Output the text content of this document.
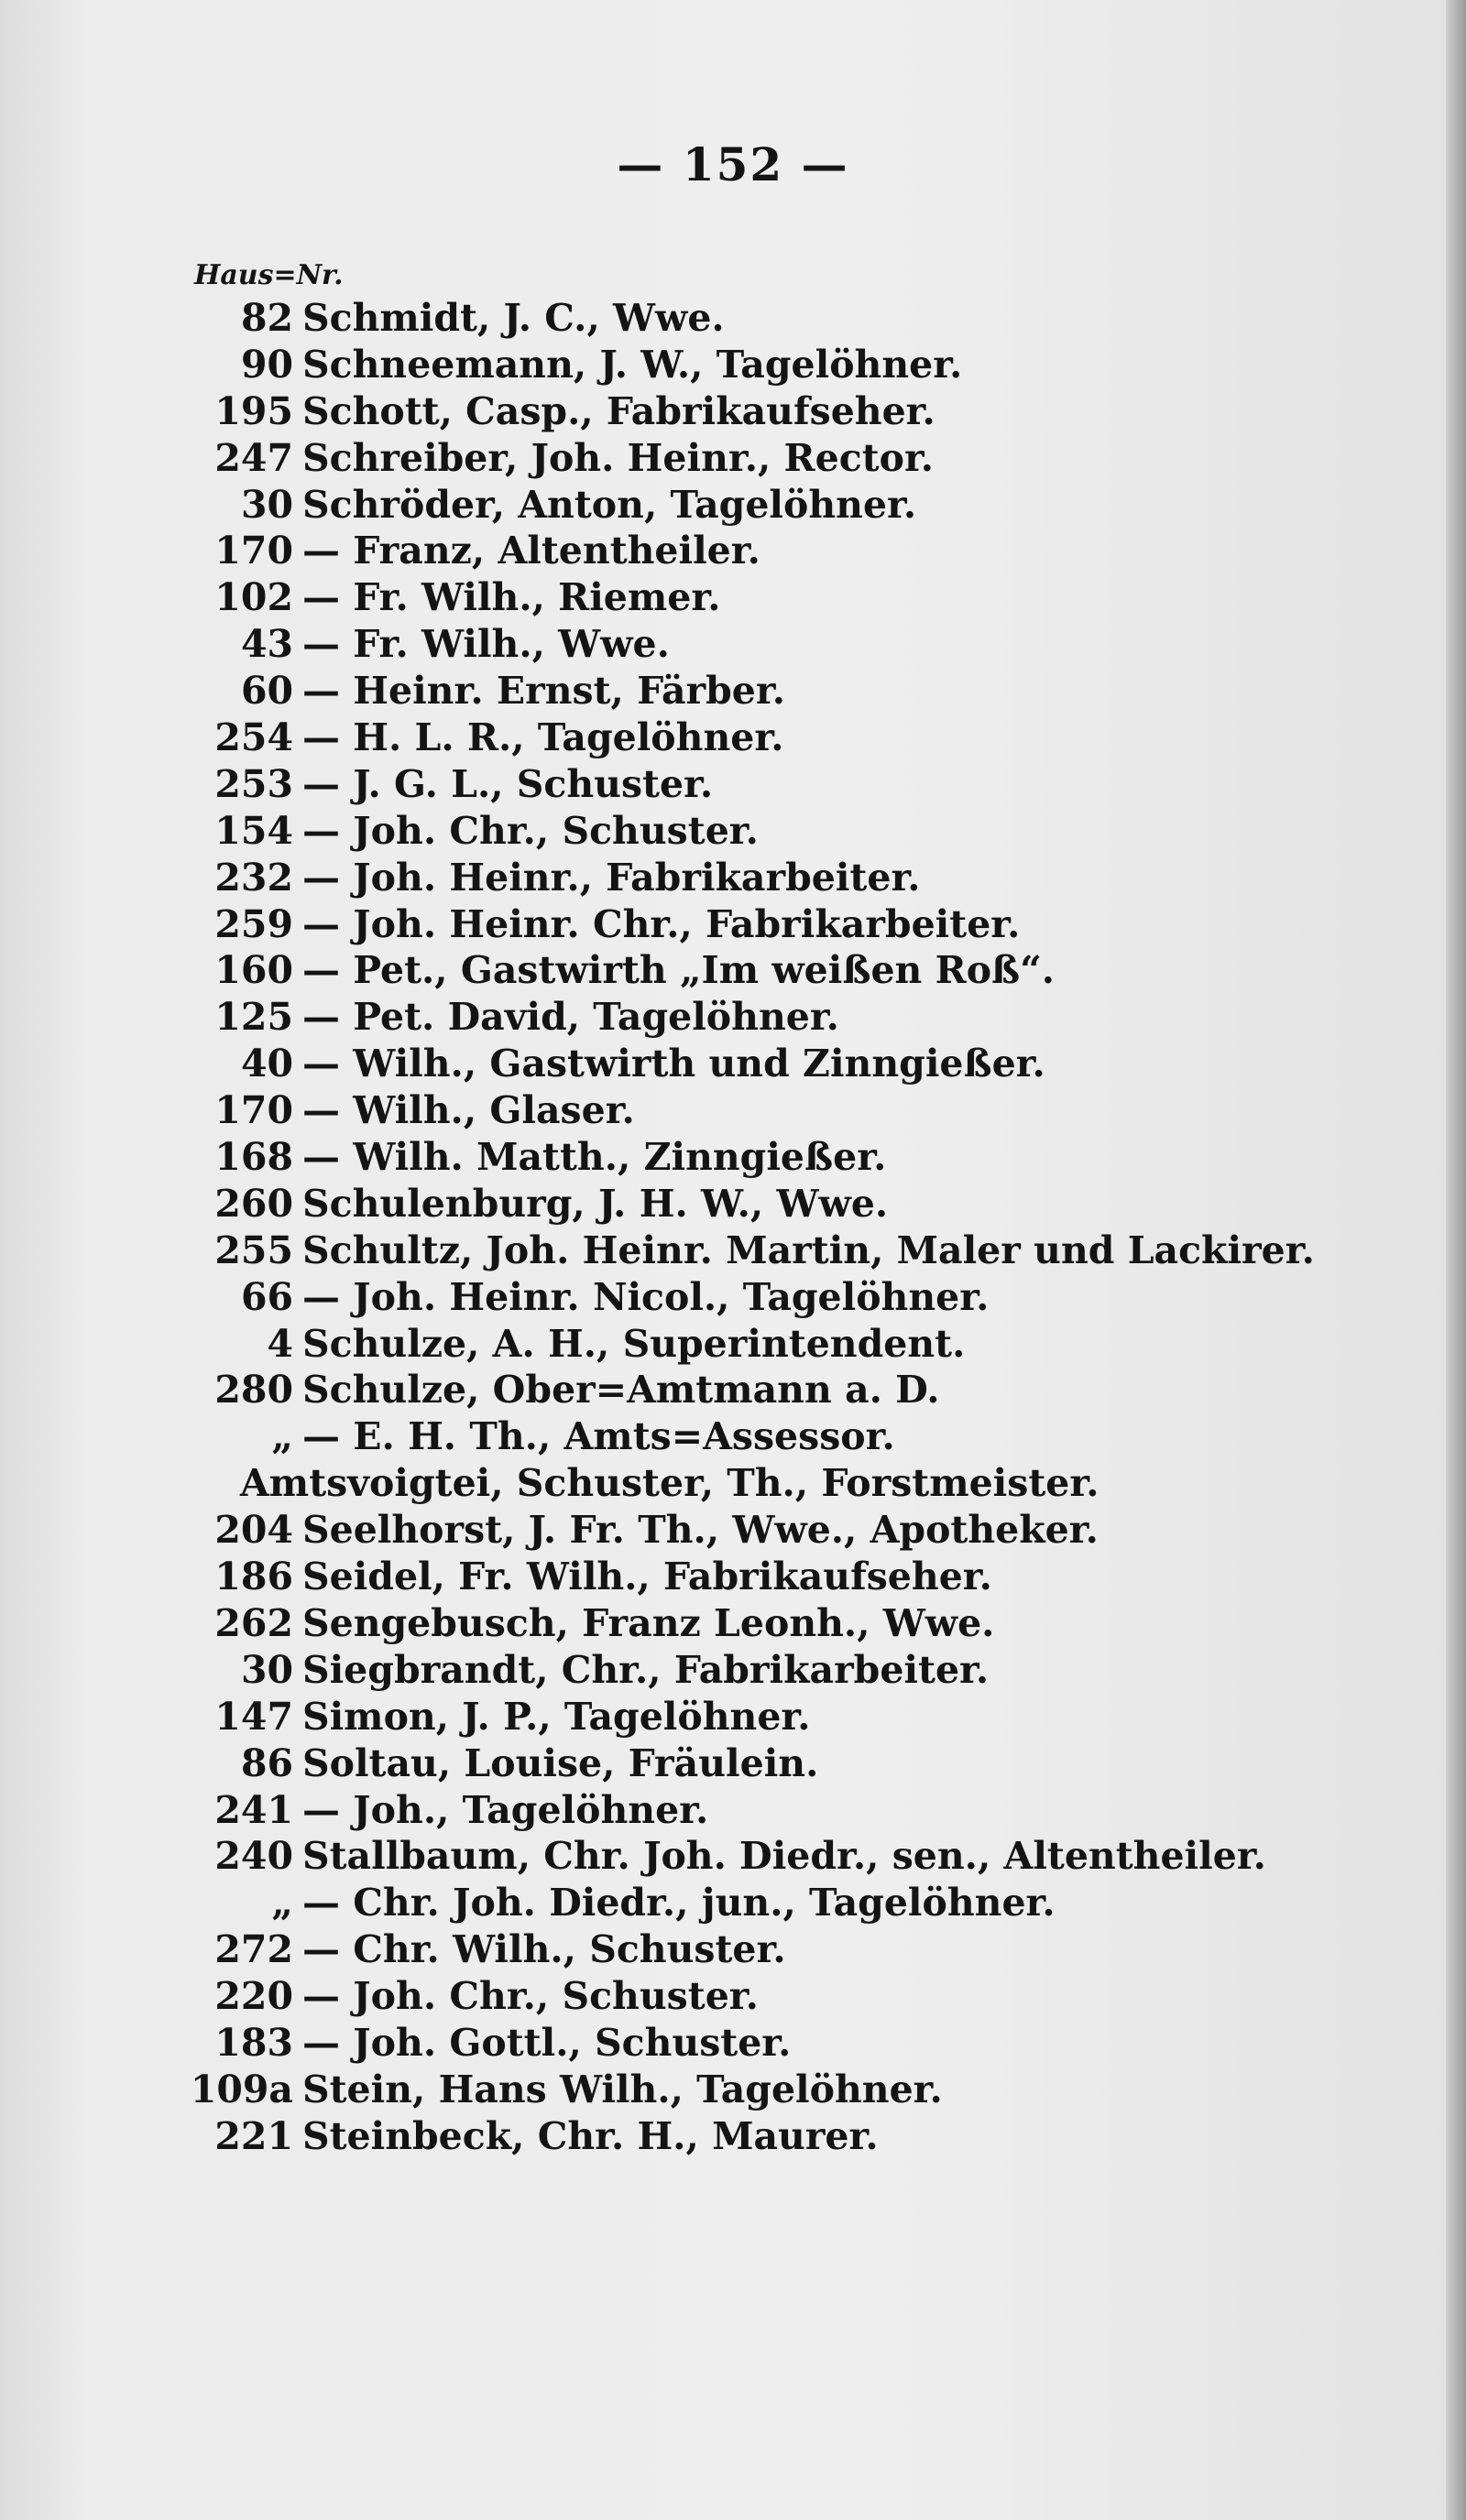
— 152 —
Haus=Nr.
82 Schmidt, J. C., Wwe.
90 Schneemann, J. W., Tagelöhner.
195 Schott, Casp., Fabrikaufseher.
247 Schreiber, Joh. Heinr., Rector.
30 Schröder, Anton, Tagelöhner.
170 — Franz, Altentheiler.
102 — Fr. Wilh., Riemer.
43 — Fr. Wilh., Wwe.
60 — Heinr. Ernst, Färber.
254 — H. L. R., Tagelöhner.
253 — J. G. L., Schuster.
154 — Joh. Chr., Schuster.
232 — Joh. Heinr., Fabrikarbeiter.
259 — Joh. Heinr. Chr., Fabrikarbeiter.
160 — Pet., Gastwirth „Im weißen Roß“.
125 — Pet. David, Tagelöhner.
40 — Wilh., Gastwirth und Zinngießer.
170 — Wilh., Glaser.
168 — Wilh. Matth., Zinngießer.
260 Schulenburg, J. H. W., Wwe.
255 Schultz, Joh. Heinr. Martin, Maler und Lackirer.
66 — Joh. Heinr. Nicol., Tagelöhner.
4 Schulze, A. H., Superintendent.
280 Schulze, Ober=Amtmann a. D.
„ — E. H. Th., Amts=Assessor.
Amtsvoigtei, Schuster, Th., Forstmeister.
204 Seelhorst, J. Fr. Th., Wwe., Apotheker.
186 Seidel, Fr. Wilh., Fabrikaufseher.
262 Sengebusch, Franz Leonh., Wwe.
30 Siegbrandt, Chr., Fabrikarbeiter.
147 Simon, J. P., Tagelöhner.
86 Soltau, Louise, Fräulein.
241 — Joh., Tagelöhner.
240 Stallbaum, Chr. Joh. Diedr., sen., Altentheiler.
„ — Chr. Joh. Diedr., jun., Tagelöhner.
272 — Chr. Wilh., Schuster.
220 — Joh. Chr., Schuster.
183 — Joh. Gottl., Schuster.
109a Stein, Hans Wilh., Tagelöhner.
221 Steinbeck, Chr. H., Maurer.
